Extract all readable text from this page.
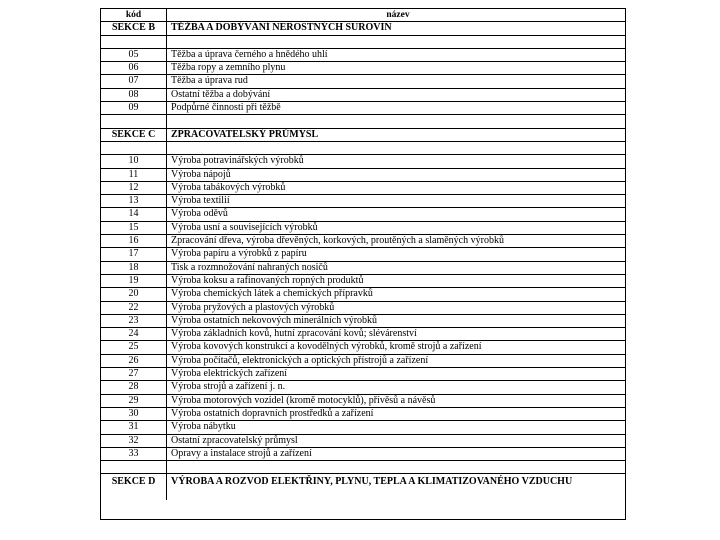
kód	název
SEKCE B	TĚŽBA A DOBÝVÁNÍ NEROSTNÝCH SUROVIN
05	Těžba a úprava černého a hnědého uhlí
06	Těžba ropy a zemního plynu
07	Těžba a úprava rud
08	Ostatní těžba a dobývání
09	Podpůrné činnosti při těžbě
SEKCE C	ZPRACOVATELSKÝ PRŮMYSL
10	Výroba potravinářských výrobků
11	Výroba nápojů
12	Výroba tabákových výrobků
13	Výroba textilií
14	Výroba oděvů
15	Výroba usní a souvisejících výrobků
16	Zpracování dřeva, výroba dřevěných, korkových, proutěných a slaměných výrobků
17	Výroba papíru a výrobků z papíru
18	Tisk a rozmnožování nahraných nosičů
19	Výroba koksu a rafinovaných ropných produktů
20	Výroba chemických látek a chemických přípravků
22	Výroba pryžových a plastových výrobků
23	Výroba ostatních nekovových minerálních výrobků
24	Výroba základních kovů, hutní zpracování kovů; slévárenství
25	Výroba kovových konstrukcí a kovodělných výrobků, kromě strojů a zařízení
26	Výroba počítačů, elektronických a optických přístrojů a zařízení
27	Výroba elektrických zařízení
28	Výroba strojů a zařízení j. n.
29	Výroba motorových vozidel (kromě motocyklů), přívěsů a návěsů
30	Výroba ostatních dopravních prostředků a zařízení
31	Výroba nábytku
32	Ostatní zpracovatelský průmysl
33	Opravy a instalace strojů a zařízení
SEKCE D	VÝROBA A ROZVOD ELEKTŘINY, PLYNU, TEPLA A KLIMATIZOVANÉHO VZDUCHU
